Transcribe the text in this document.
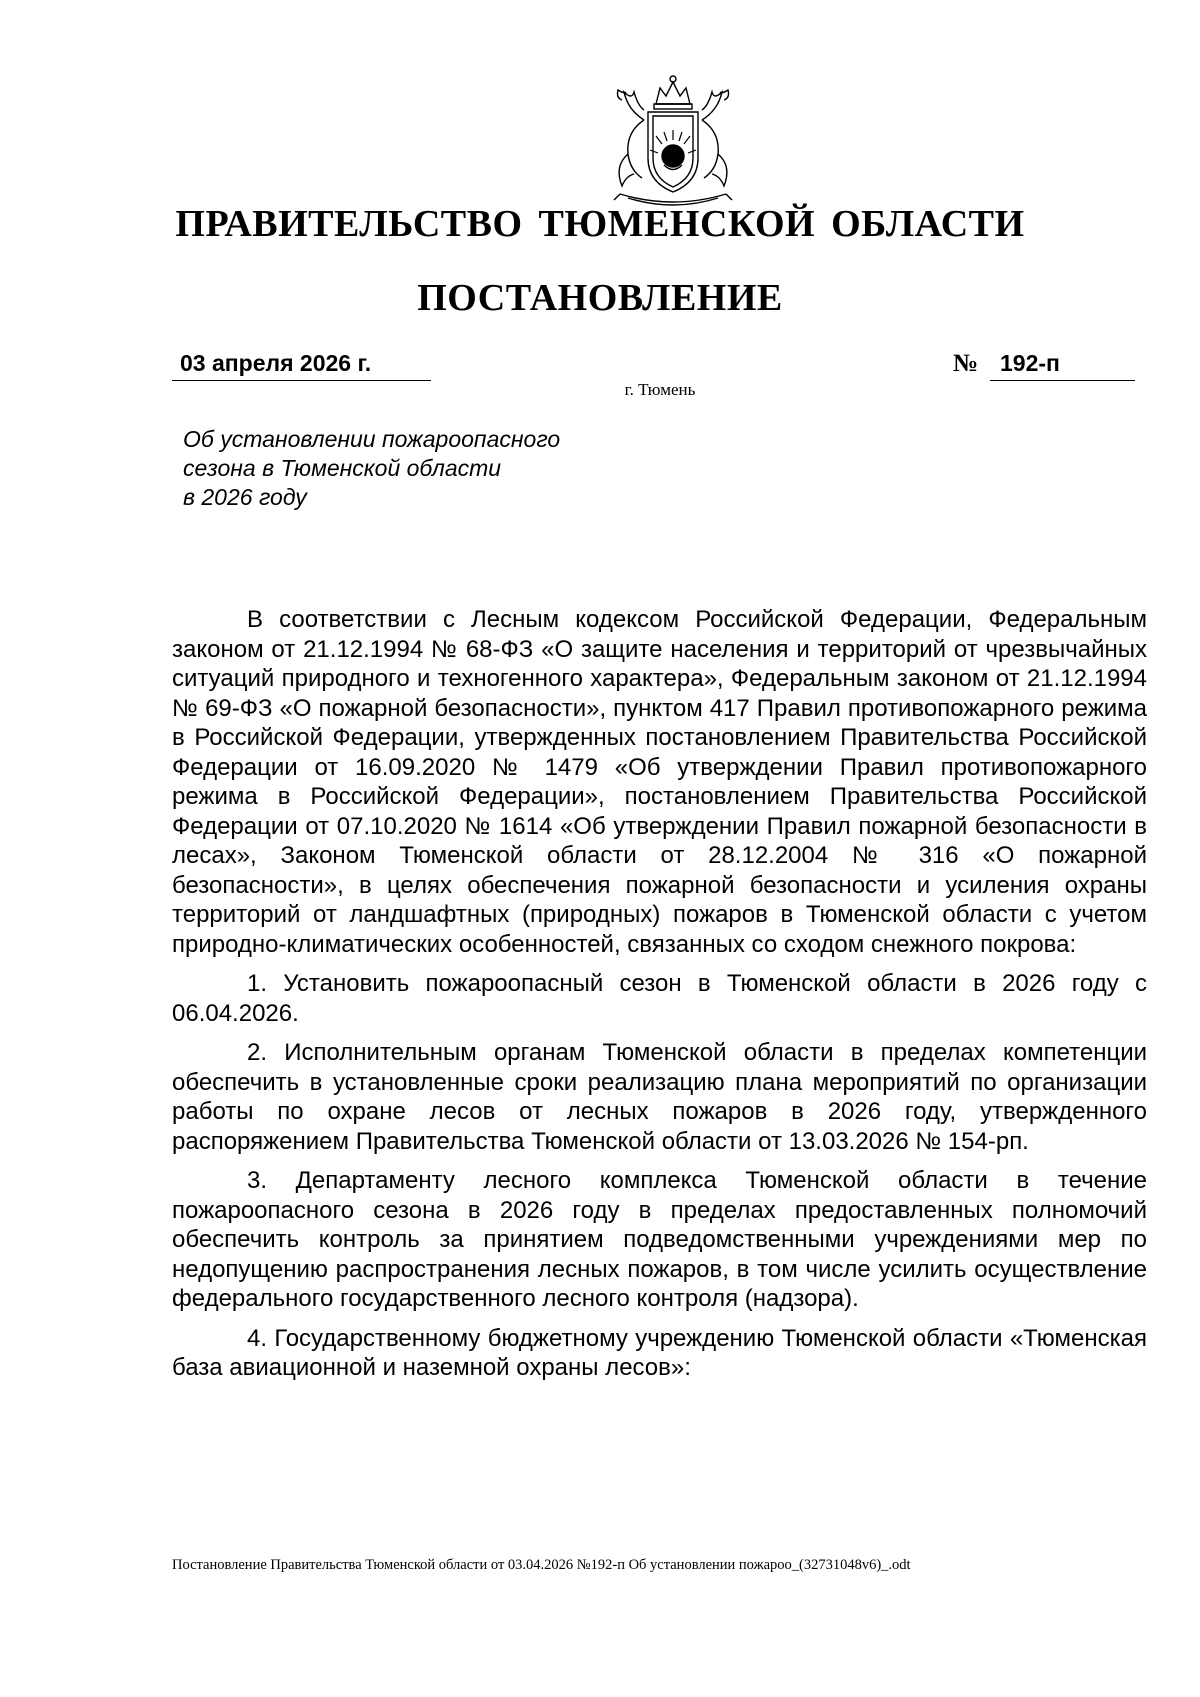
ПРАВИТЕЛЬСТВО ТЮМЕНСКОЙ ОБЛАСТИ
ПОСТАНОВЛЕНИЕ
03 апреля 2026 г.	№ 192-п
г. Тюмень
Об установлении пожароопасного
сезона в Тюменской области
в 2026 году

В соответствии с Лесным кодексом Российской Федерации, Федеральным законом от 21.12.1994 № 68-ФЗ «О защите населения и территорий от чрезвычайных ситуаций природного и техногенного характера», Федеральным законом от 21.12.1994 № 69-ФЗ «О пожарной безопасности», пунктом 417 Правил противопожарного режима в Российской Федерации, утвержденных постановлением Правительства Российской Федерации от 16.09.2020 № 1479 «Об утверждении Правил противопожарного режима в Российской Федерации», постановлением Правительства Российской Федерации от 07.10.2020 № 1614 «Об утверждении Правил пожарной безопасности в лесах», Законом Тюменской области от 28.12.2004 № 316 «О пожарной безопасности», в целях обеспечения пожарной безопасности и усиления охраны территорий от ландшафтных (природных) пожаров в Тюменской области с учетом природно-климатических особенностей, связанных со сходом снежного покрова:

1. Установить пожароопасный сезон в Тюменской области в 2026 году с 06.04.2026.

2. Исполнительным органам Тюменской области в пределах компетенции обеспечить в установленные сроки реализацию плана мероприятий по организации работы по охране лесов от лесных пожаров в 2026 году, утвержденного распоряжением Правительства Тюменской области от 13.03.2026 № 154-рп.

3. Департаменту лесного комплекса Тюменской области в течение пожароопасного сезона в 2026 году в пределах предоставленных полномочий обеспечить контроль за принятием подведомственными учреждениями мер по недопущению распространения лесных пожаров, в том числе усилить осуществление федерального государственного лесного контроля (надзора).

4. Государственному бюджетному учреждению Тюменской области «Тюменская база авиационной и наземной охраны лесов»:

Постановление Правительства Тюменской области от 03.04.2026 №192-п Об установлении пожароо_(32731048v6)_.odt
